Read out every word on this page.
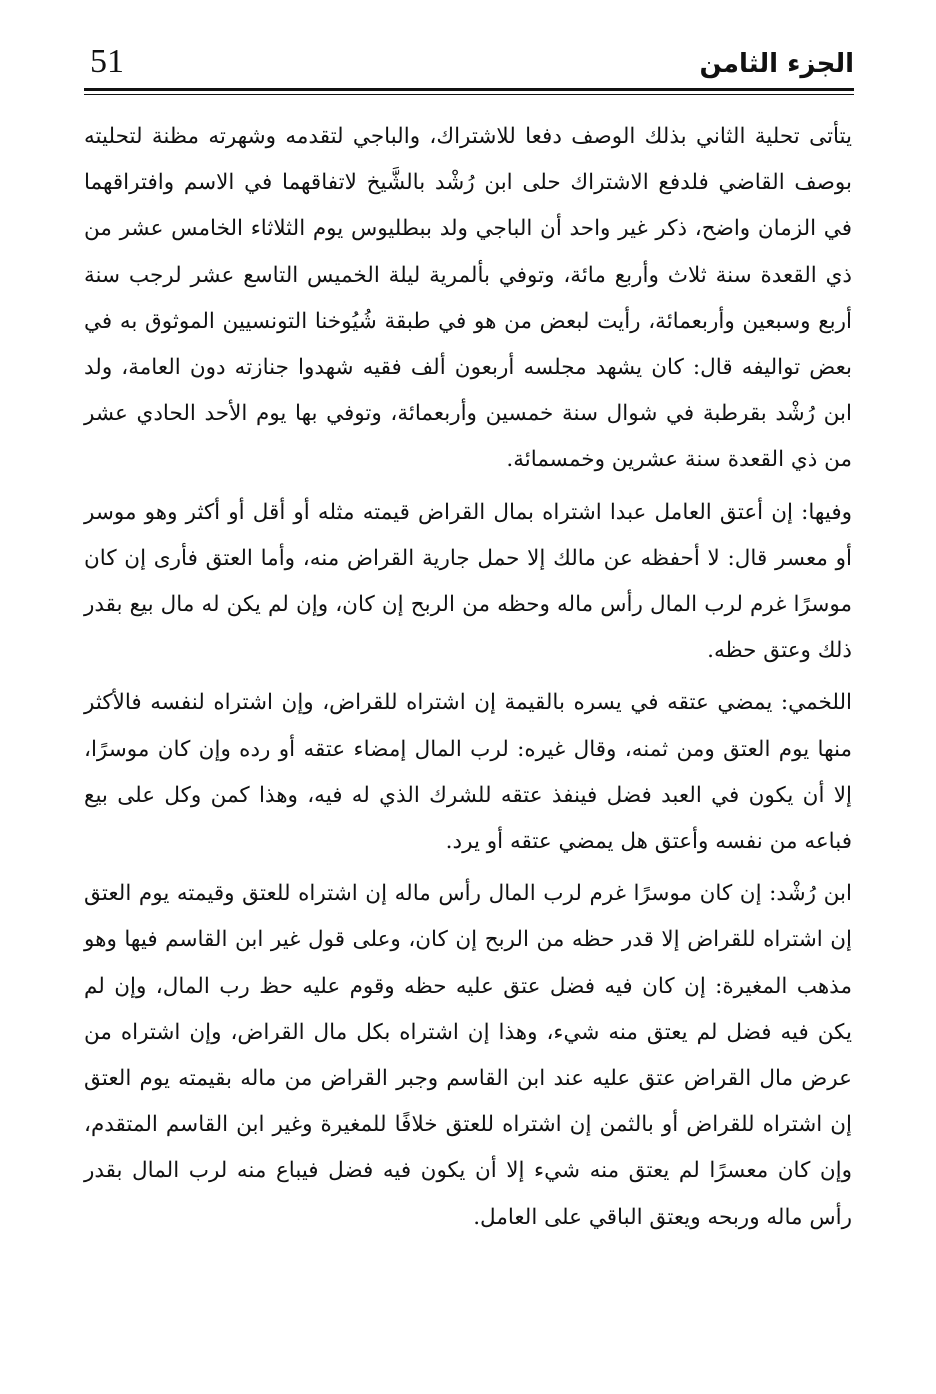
51	الجزء الثامن

يتأتى تحلية الثاني بذلك الوصف دفعا للاشتراك، والباجي لتقدمه وشهرته مظنة لتحليته بوصف القاضي فلدفع الاشتراك حلى ابن رُشْد بالشَّيخ لاتفاقهما في الاسم وافتراقهما في الزمان واضح، ذكر غير واحد أن الباجي ولد ببطليوس يوم الثلاثاء الخامس عشر من ذي القعدة سنة ثلاث وأربع مائة، وتوفي بألمرية ليلة الخميس التاسع عشر لرجب سنة أربع وسبعين وأربعمائة، رأيت لبعض من هو في طبقة شُيُوخنا التونسيين الموثوق به في بعض تواليفه قال: كان يشهد مجلسه أربعون ألف فقيه شهدوا جنازته دون العامة، ولد ابن رُشْد بقرطبة في شوال سنة خمسين وأربعمائة، وتوفي بها يوم الأحد الحادي عشر من ذي القعدة سنة عشرين وخمسمائة.

وفيها: إن أعتق العامل عبدا اشتراه بمال القراض قيمته مثله أو أقل أو أكثر وهو موسر أو معسر قال: لا أحفظه عن مالك إلا حمل جارية القراض منه، وأما العتق فأرى إن كان موسرًا غرم لرب المال رأس ماله وحظه من الربح إن كان، وإن لم يكن له مال بيع بقدر ذلك وعتق حظه.

اللخمي: يمضي عتقه في يسره بالقيمة إن اشتراه للقراض، وإن اشتراه لنفسه فالأكثر منها يوم العتق ومن ثمنه، وقال غيره: لرب المال إمضاء عتقه أو رده وإن كان موسرًا، إلا أن يكون في العبد فضل فينفذ عتقه للشرك الذي له فيه، وهذا كمن وكل على بيع فباعه من نفسه وأعتق هل يمضي عتقه أو يرد.

ابن رُشْد: إن كان موسرًا غرم لرب المال رأس ماله إن اشتراه للعتق وقيمته يوم العتق إن اشتراه للقراض إلا قدر حظه من الربح إن كان، وعلى قول غير ابن القاسم فيها وهو مذهب المغيرة: إن كان فيه فضل عتق عليه حظه وقوم عليه حظ رب المال، وإن لم يكن فيه فضل لم يعتق منه شيء، وهذا إن اشتراه بكل مال القراض، وإن اشتراه من عرض مال القراض عتق عليه عند ابن القاسم وجبر القراض من ماله بقيمته يوم العتق إن اشتراه للقراض أو بالثمن إن اشتراه للعتق خلافًا للمغيرة وغير ابن القاسم المتقدم، وإن كان معسرًا لم يعتق منه شيء إلا أن يكون فيه فضل فيباع منه لرب المال بقدر رأس ماله وربحه ويعتق الباقي على العامل.
